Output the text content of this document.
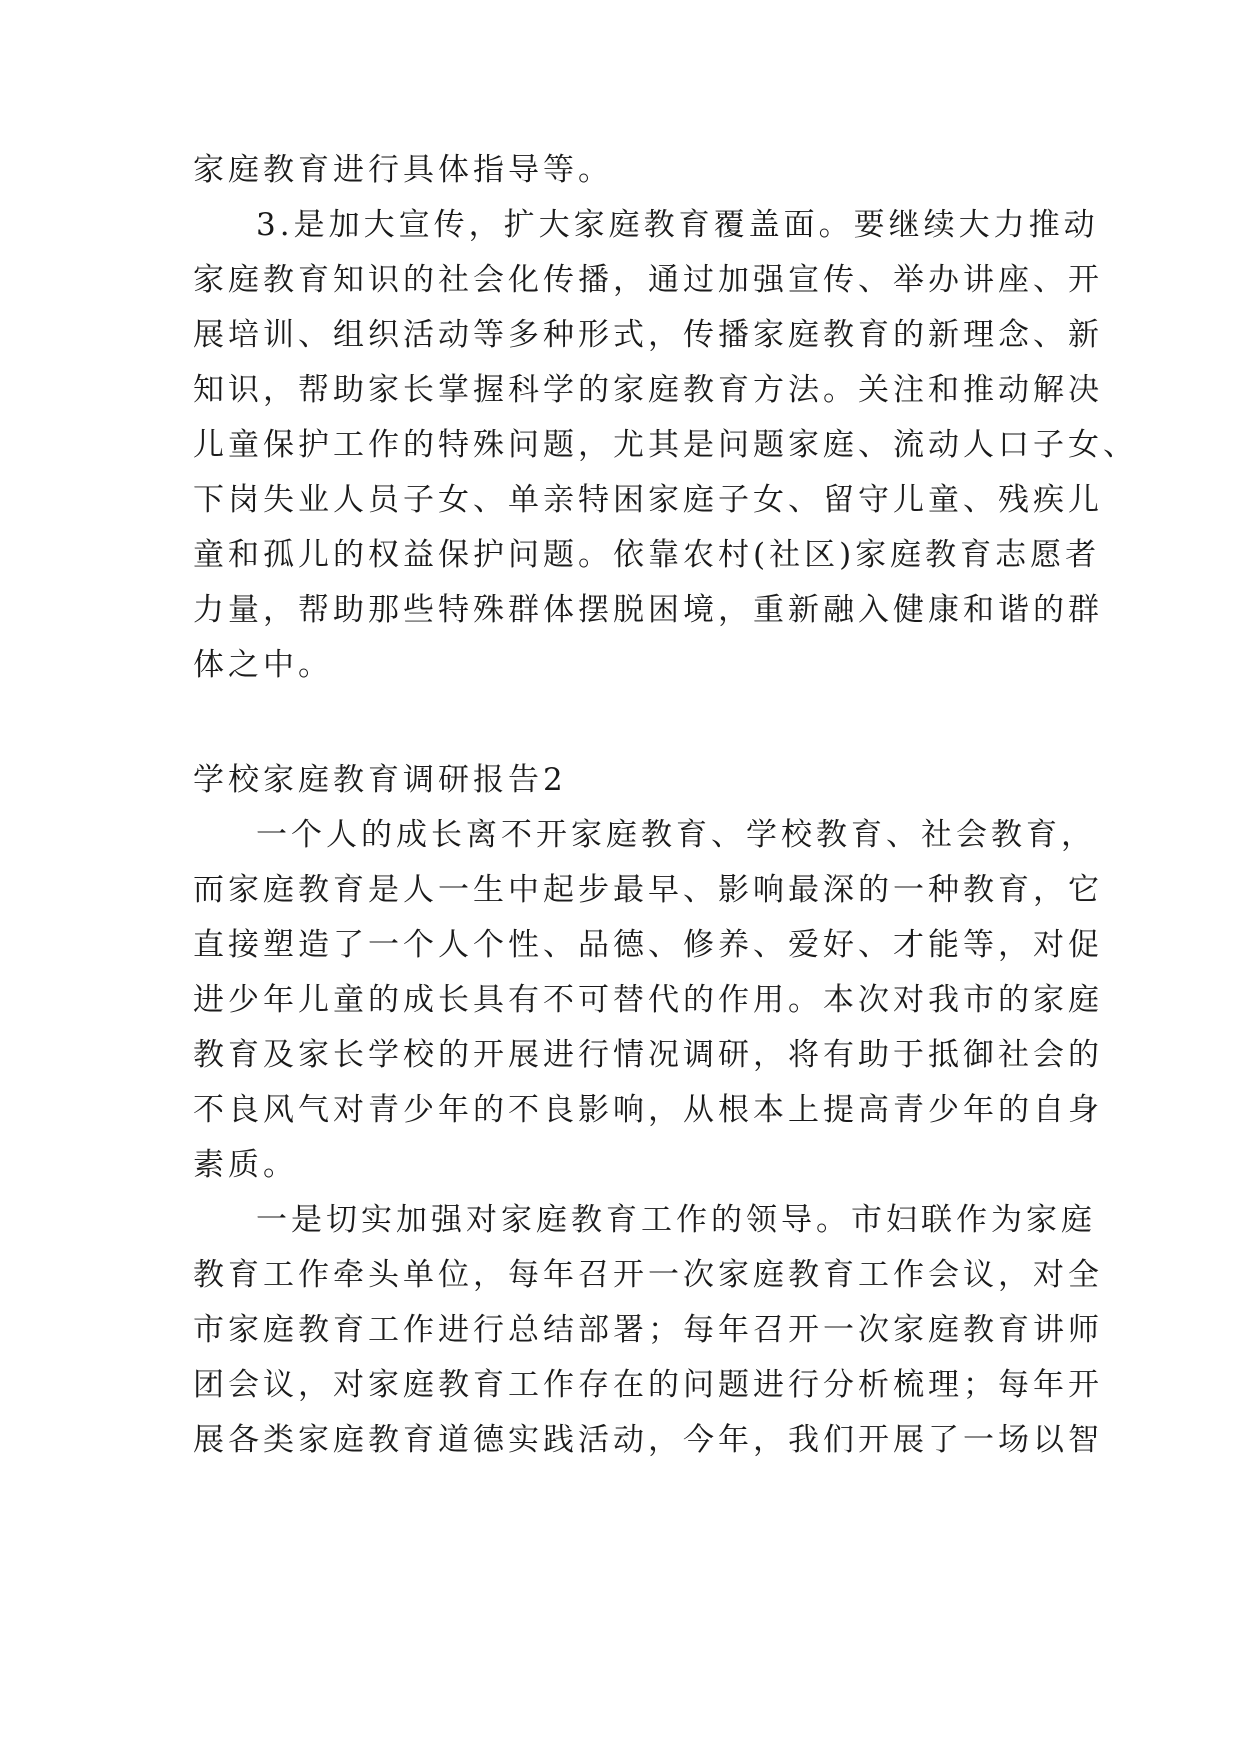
家庭教育进行具体指导等。
3.是加大宣传，扩大家庭教育覆盖面。要继续大力推动
家庭教育知识的社会化传播，通过加强宣传、举办讲座、开
展培训、组织活动等多种形式，传播家庭教育的新理念、新
知识，帮助家长掌握科学的家庭教育方法。关注和推动解决
儿童保护工作的特殊问题，尤其是问题家庭、流动人口子女、
下岗失业人员子女、单亲特困家庭子女、留守儿童、残疾儿
童和孤儿的权益保护问题。依靠农村(社区)家庭教育志愿者
力量，帮助那些特殊群体摆脱困境，重新融入健康和谐的群
体之中。
学校家庭教育调研报告2
一个人的成长离不开家庭教育、学校教育、社会教育，
而家庭教育是人一生中起步最早、影响最深的一种教育，它
直接塑造了一个人个性、品德、修养、爱好、才能等，对促
进少年儿童的成长具有不可替代的作用。本次对我市的家庭
教育及家长学校的开展进行情况调研，将有助于抵御社会的
不良风气对青少年的不良影响，从根本上提高青少年的自身
素质。
一是切实加强对家庭教育工作的领导。市妇联作为家庭
教育工作牵头单位，每年召开一次家庭教育工作会议，对全
市家庭教育工作进行总结部署；每年召开一次家庭教育讲师
团会议，对家庭教育工作存在的问题进行分析梳理；每年开
展各类家庭教育道德实践活动，今年，我们开展了一场以智
